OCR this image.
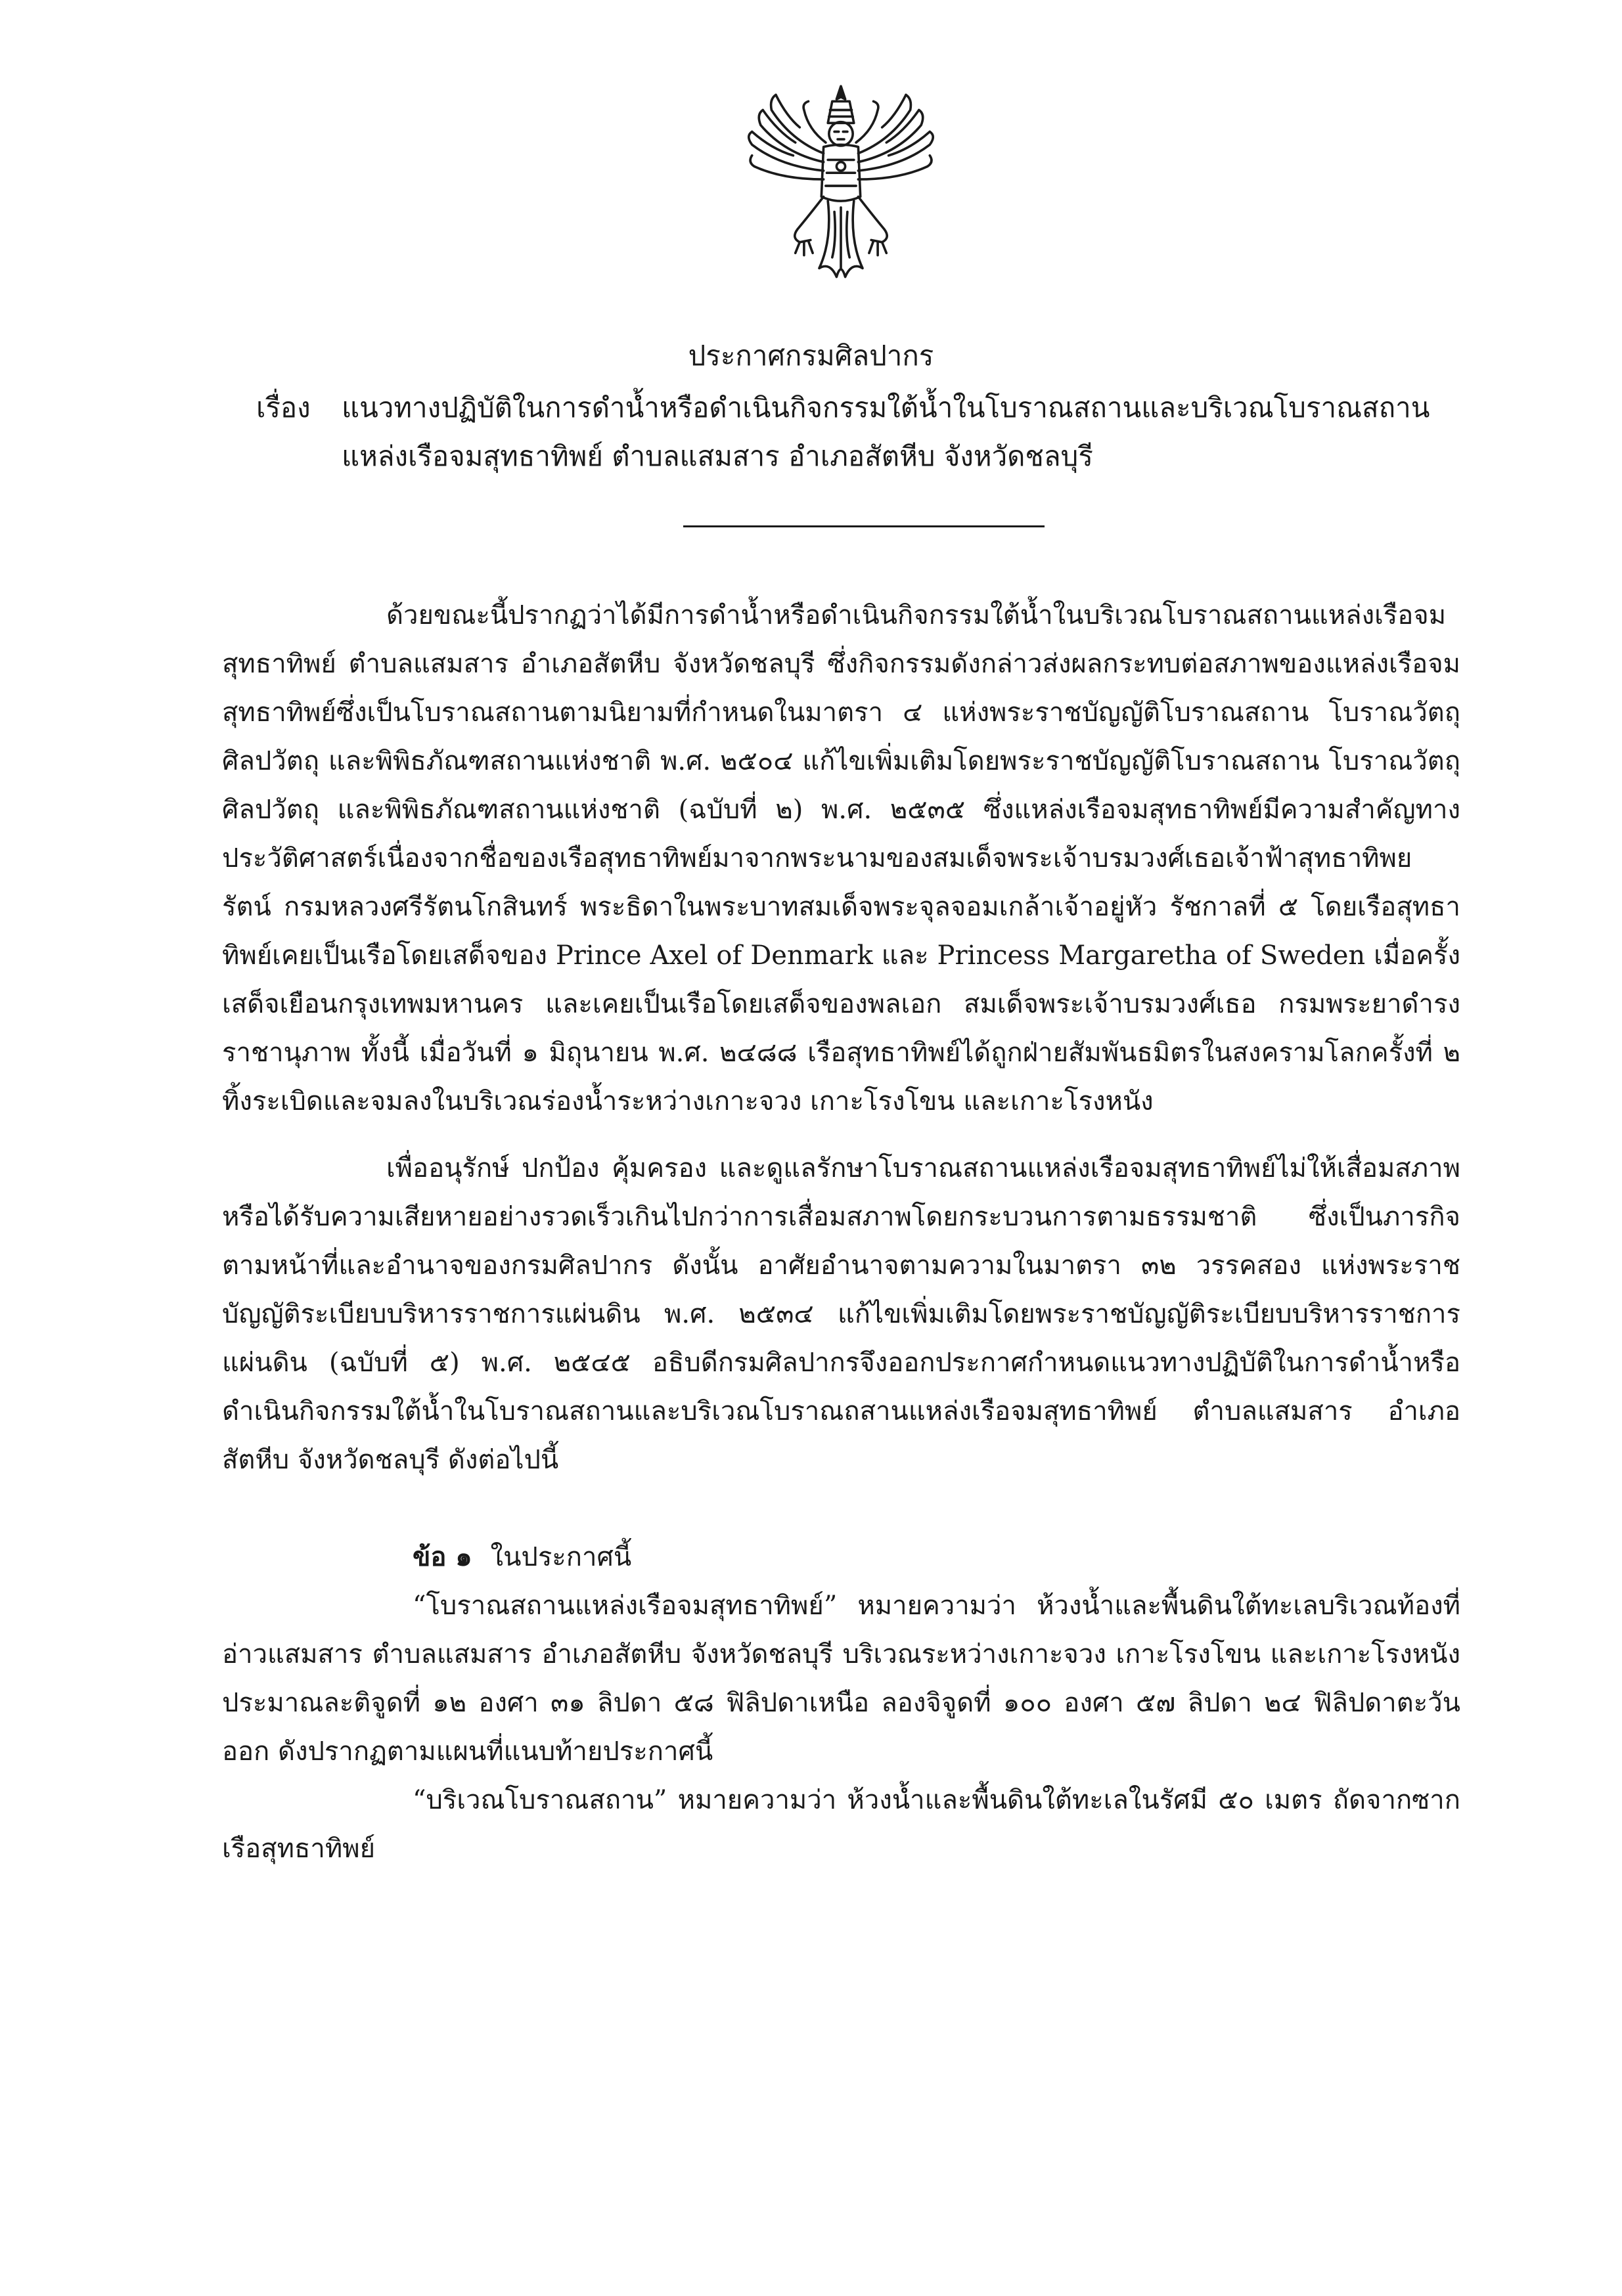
ประกาศกรมศิลปากร

เรื่อง แนวทางปฏิบัติในการดำน้ำหรือดำเนินกิจกรรมใต้น้ำในโบราณสถานและบริเวณโบราณสถาน
แหล่งเรือจมสุทธาทิพย์ ตำบลแสมสาร อำเภอสัตหีบ จังหวัดชลบุรี

ด้วยขณะนี้ปรากฏว่าได้มีการดำน้ำหรือดำเนินกิจกรรมใต้น้ำในบริเวณโบราณสถานแหล่งเรือจมสุทธาทิพย์ ตำบลแสมสาร อำเภอสัตหีบ จังหวัดชลบุรี ซึ่งกิจกรรมดังกล่าวส่งผลกระทบต่อสภาพของแหล่งเรือจมสุทธาทิพย์ซึ่งเป็นโบราณสถานตามนิยามที่กำหนดในมาตรา ๔ แห่งพระราชบัญญัติโบราณสถาน โบราณวัตถุ ศิลปวัตถุ และพิพิธภัณฑสถานแห่งชาติ พ.ศ. ๒๕๐๔ แก้ไขเพิ่มเติมโดยพระราชบัญญัติโบราณสถาน โบราณวัตถุ ศิลปวัตถุ และพิพิธภัณฑสถานแห่งชาติ (ฉบับที่ ๒) พ.ศ. ๒๕๓๕ ซึ่งแหล่งเรือจมสุทธาทิพย์มีความสำคัญทางประวัติศาสตร์เนื่องจากชื่อของเรือสุทธาทิพย์มาจากพระนามของสมเด็จพระเจ้าบรมวงศ์เธอเจ้าฟ้าสุทธาทิพยรัตน์ กรมหลวงศรีรัตนโกสินทร์ พระธิดาในพระบาทสมเด็จพระจุลจอมเกล้าเจ้าอยู่หัว รัชกาลที่ ๕ โดยเรือสุทธาทิพย์เคยเป็นเรือโดยเสด็จของ Prince Axel of Denmark และ Princess Margaretha of Sweden เมื่อครั้งเสด็จเยือนกรุงเทพมหานคร และเคยเป็นเรือโดยเสด็จของพลเอก สมเด็จพระเจ้าบรมวงศ์เธอ กรมพระยาดำรงราชานุภาพ ทั้งนี้ เมื่อวันที่ ๑ มิถุนายน พ.ศ. ๒๔๘๘ เรือสุทธาทิพย์ได้ถูกฝ่ายสัมพันธมิตรในสงครามโลกครั้งที่ ๒ ทิ้งระเบิดและจมลงในบริเวณร่องน้ำระหว่างเกาะจวง เกาะโรงโขน และเกาะโรงหนัง

เพื่ออนุรักษ์ ปกป้อง คุ้มครอง และดูแลรักษาโบราณสถานแหล่งเรือจมสุทธาทิพย์ไม่ให้เสื่อมสภาพหรือได้รับความเสียหายอย่างรวดเร็วเกินไปกว่าการเสื่อมสภาพโดยกระบวนการตามธรรมชาติ ซึ่งเป็นภารกิจตามหน้าที่และอำนาจของกรมศิลปากร ดังนั้น อาศัยอำนาจตามความในมาตรา ๓๒ วรรคสอง แห่งพระราชบัญญัติระเบียบบริหารราชการแผ่นดิน พ.ศ. ๒๕๓๔ แก้ไขเพิ่มเติมโดยพระราชบัญญัติระเบียบบริหารราชการแผ่นดิน (ฉบับที่ ๕) พ.ศ. ๒๕๔๕ อธิบดีกรมศิลปากรจึงออกประกาศกำหนดแนวทางปฏิบัติในการดำน้ำหรือดำเนินกิจกรรมใต้น้ำในโบราณสถานและบริเวณโบราณถสานแหล่งเรือจมสุทธาทิพย์ ตำบลแสมสาร อำเภอสัตหีบ จังหวัดชลบุรี ดังต่อไปนี้

ข้อ ๑ ในประกาศนี้

“โบราณสถานแหล่งเรือจมสุทธาทิพย์” หมายความว่า ห้วงน้ำและพื้นดินใต้ทะเลบริเวณท้องที่อ่าวแสมสาร ตำบลแสมสาร อำเภอสัตหีบ จังหวัดชลบุรี บริเวณระหว่างเกาะจวง เกาะโรงโขน และเกาะโรงหนัง ประมาณละติจูดที่ ๑๒ องศา ๓๑ ลิปดา ๕๘ ฟิลิปดาเหนือ ลองจิจูดที่ ๑๐๐ องศา ๕๗ ลิปดา ๒๔ ฟิลิปดาตะวันออก ดังปรากฏตามแผนที่แนบท้ายประกาศนี้

“บริเวณโบราณสถาน” หมายความว่า ห้วงน้ำและพื้นดินใต้ทะเลในรัศมี ๕๐ เมตร ถัดจากซากเรือสุทธาทิพย์
